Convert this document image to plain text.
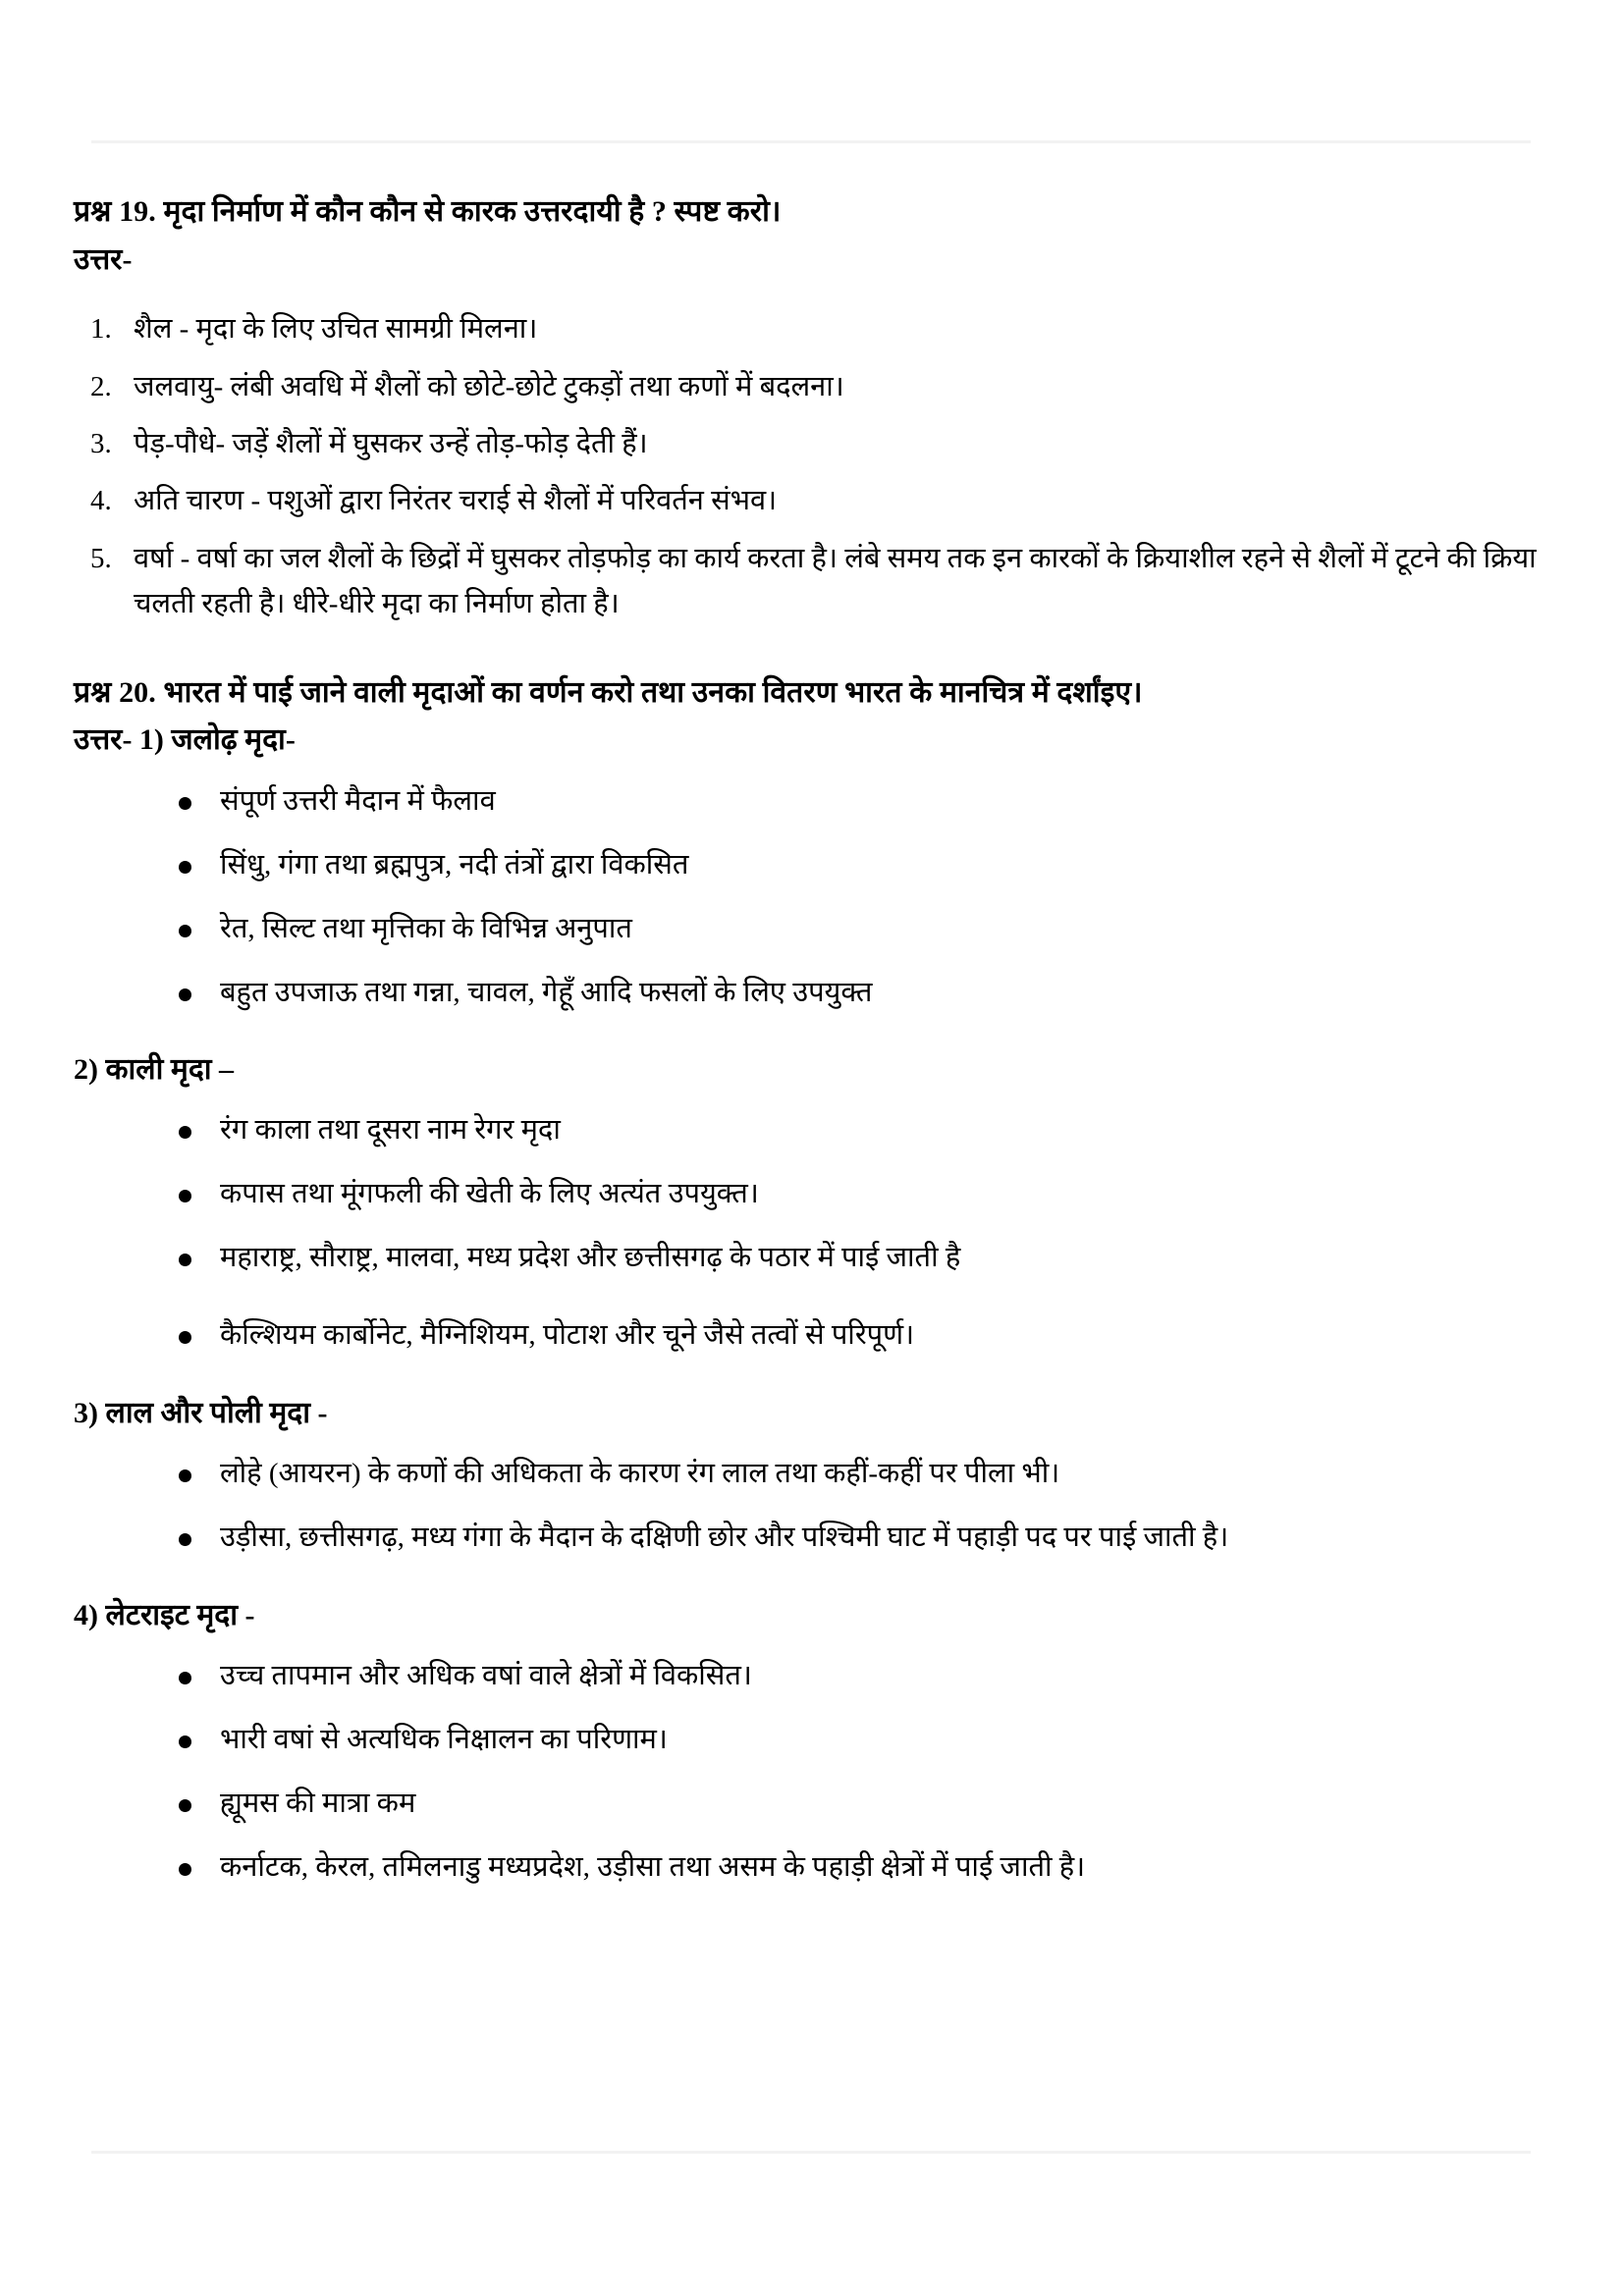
प्रश्न 19. मृदा निर्माण में कौन कौन से कारक उत्तरदायी है ? स्पष्ट करो।

उत्तर-

शैल - मृदा के लिए उचित सामग्री मिलना।
जलवायु- लंबी अवधि में शैलों को छोटे-छोटे टुकड़ों तथा कणों में बदलना।
पेड़-पौधे- जड़ें शैलों में घुसकर उन्हें तोड़-फोड़ देती हैं।
अति चारण - पशुओं द्वारा निरंतर चराई से शैलों में परिवर्तन संभव।
वर्षा - वर्षा का जल शैलों के छिद्रों में घुसकर तोड़फोड़ का कार्य करता है। लंबे समय तक इन कारकों के क्रियाशील रहने से शैलों में टूटने की क्रिया चलती रहती है। धीरे-धीरे मृदा का निर्माण होता है।

प्रश्न 20. भारत में पाई जाने वाली मृदाओं का वर्णन करो तथा उनका वितरण भारत के मानचित्र में दर्शांइए।

उत्तर- 1) जलोढ़ मृदा-

संपूर्ण उत्तरी मैदान में फैलाव
सिंधु, गंगा तथा ब्रह्मपुत्र, नदी तंत्रों द्वारा विकसित
रेत, सिल्ट तथा मृत्तिका के विभिन्न अनुपात
बहुत उपजाऊ तथा गन्ना, चावल, गेहूँ आदि फसलों के लिए उपयुक्त

2) काली मृदा –

रंग काला तथा दूसरा नाम रेगर मृदा
कपास तथा मूंगफली की खेती के लिए अत्यंत उपयुक्त।
महाराष्ट्र, सौराष्ट्र, मालवा, मध्य प्रदेश और छत्तीसगढ़ के पठार में पाई जाती है
कैल्शियम कार्बोनेट, मैग्निशियम, पोटाश और चूने जैसे तत्वों से परिपूर्ण।

3) लाल और पोली मृदा -

लोहे (आयरन) के कणों की अधिकता के कारण रंग लाल तथा कहीं-कहीं पर पीला भी।
उड़ीसा, छत्तीसगढ़, मध्य गंगा के मैदान के दक्षिणी छोर और पश्चिमी घाट में पहाड़ी पद पर पाई जाती है।

4) लेटराइट मृदा -

उच्च तापमान और अधिक वषां वाले क्षेत्रों में विकसित।
भारी वषां से अत्यधिक निक्षालन का परिणाम।
ह्यूमस की मात्रा कम
कर्नाटक, केरल, तमिलनाडु मध्यप्रदेश, उड़ीसा तथा असम के पहाड़ी क्षेत्रों में पाई जाती है।
